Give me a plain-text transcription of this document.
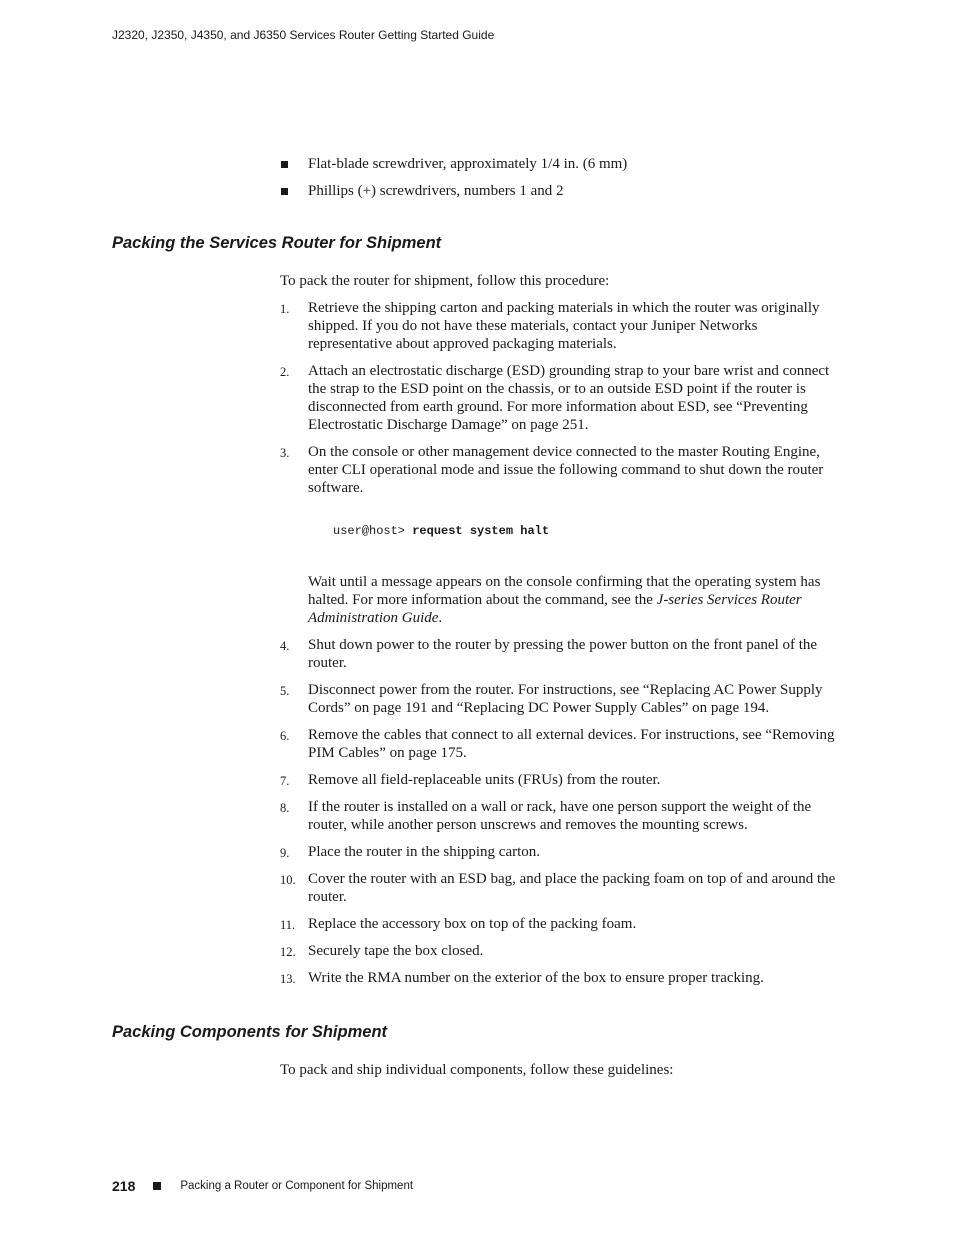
J2320, J2350, J4350, and J6350 Services Router Getting Started Guide
Flat-blade screwdriver, approximately 1/4 in. (6 mm)
Phillips (+) screwdrivers, numbers 1 and 2
Packing the Services Router for Shipment
To pack the router for shipment, follow this procedure:
1. Retrieve the shipping carton and packing materials in which the router was originally shipped. If you do not have these materials, contact your Juniper Networks representative about approved packaging materials.
2. Attach an electrostatic discharge (ESD) grounding strap to your bare wrist and connect the strap to the ESD point on the chassis, or to an outside ESD point if the router is disconnected from earth ground. For more information about ESD, see “Preventing Electrostatic Discharge Damage” on page 251.
3. On the console or other management device connected to the master Routing Engine, enter CLI operational mode and issue the following command to shut down the router software.
user@host> request system halt
Wait until a message appears on the console confirming that the operating system has halted. For more information about the command, see the J-series Services Router Administration Guide.
4. Shut down power to the router by pressing the power button on the front panel of the router.
5. Disconnect power from the router. For instructions, see “Replacing AC Power Supply Cords” on page 191 and “Replacing DC Power Supply Cables” on page 194.
6. Remove the cables that connect to all external devices. For instructions, see “Removing PIM Cables” on page 175.
7. Remove all field-replaceable units (FRUs) from the router.
8. If the router is installed on a wall or rack, have one person support the weight of the router, while another person unscrews and removes the mounting screws.
9. Place the router in the shipping carton.
10. Cover the router with an ESD bag, and place the packing foam on top of and around the router.
11. Replace the accessory box on top of the packing foam.
12. Securely tape the box closed.
13. Write the RMA number on the exterior of the box to ensure proper tracking.
Packing Components for Shipment
To pack and ship individual components, follow these guidelines:
218	Packing a Router or Component for Shipment
